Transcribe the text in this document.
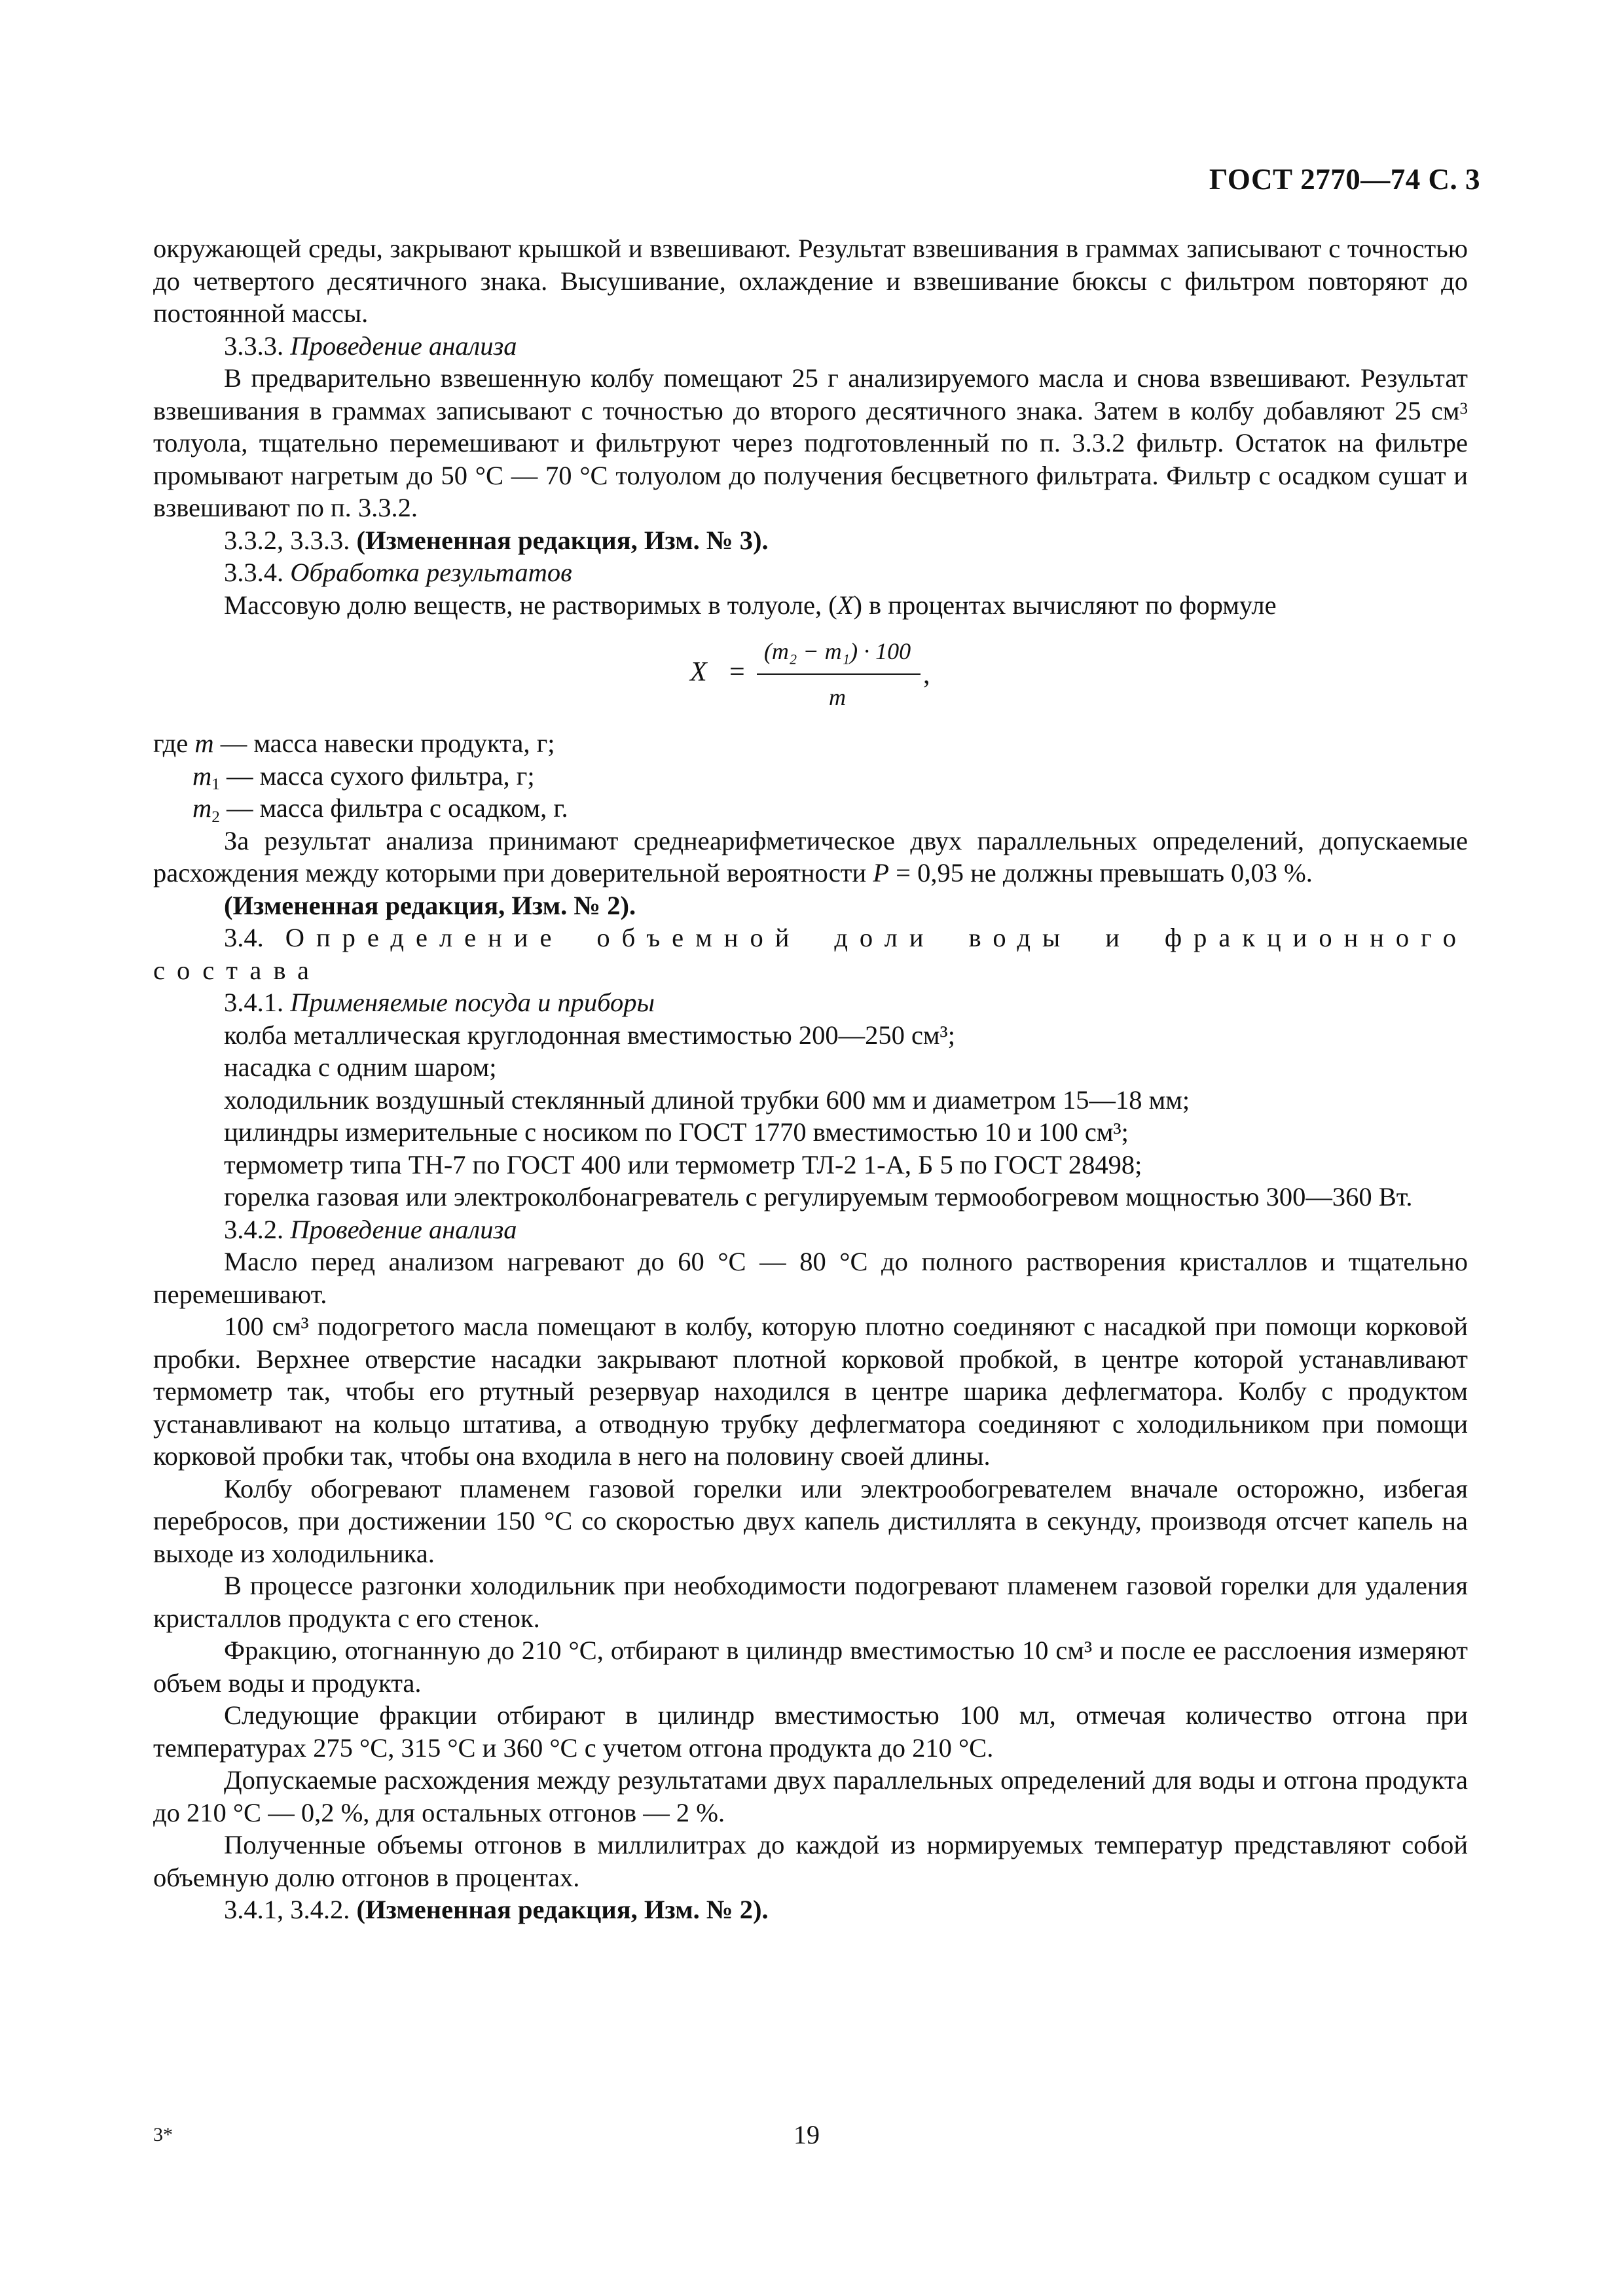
ГОСТ 2770—74 С. 3

окружающей среды, закрывают крышкой и взвешивают. Результат взвешивания в граммах записывают с точностью до четвертого десятичного знака. Высушивание, охлаждение и взвешивание бюксы с фильтром повторяют до постоянной массы.

3.3.3. Проведение анализа

В предварительно взвешенную колбу помещают 25 г анализируемого масла и снова взвешивают. Результат взвешивания в граммах записывают с точностью до второго десятичного знака. Затем в колбу добавляют 25 $см^3$ толуола, тщательно перемешивают и фильтруют через подготовленный по п. 3.3.2 фильтр. Остаток на фильтре промывают нагретым до 50 °С — 70 °С толуолом до получения бесцветного фильтрата. Фильтр с осадком сушат и взвешивают по п. 3.3.2.

3.3.2, 3.3.3. (Измененная редакция, Изм. № 3).

3.3.4. Обработка результатов

Массовую долю веществ, не растворимых в толуоле, (X) в процентах вычисляют по формуле

X =
(m₂ − m₁) · 100
m
,
где m — масса навески продукта, г;
$m_1$ — масса сухого фильтра, г;
$m_2$ — масса фильтра с осадком, г.

За результат анализа принимают среднеарифметическое двух параллельных определений, допускаемые расхождения между которыми при доверительной вероятности P = 0,95 не должны превышать 0,03 %.

(Измененная редакция, Изм. № 2).

3.4. Определение объемной доли воды и фракционного состава

3.4.1. Применяемые посуда и приборы

колба металлическая круглодонная вместимостью 200—250 см³;

насадка с одним шаром;

холодильник воздушный стеклянный длиной трубки 600 мм и диаметром 15—18 мм;

цилиндры измерительные с носиком по ГОСТ 1770 вместимостью 10 и 100 см³;

термометр типа ТН-7 по ГОСТ 400 или термометр ТЛ-2 1-А, Б 5 по ГОСТ 28498;

горелка газовая или электроколбонагреватель с регулируемым термообогревом мощностью 300—360 Вт.

3.4.2. Проведение анализа

Масло перед анализом нагревают до 60 °С — 80 °С до полного растворения кристаллов и тщательно перемешивают.

100 см³ подогретого масла помещают в колбу, которую плотно соединяют с насадкой при помощи корковой пробки. Верхнее отверстие насадки закрывают плотной корковой пробкой, в центре которой устанавливают термометр так, чтобы его ртутный резервуар находился в центре шарика дефлегматора. Колбу с продуктом устанавливают на кольцо штатива, а отводную трубку дефлегматора соединяют с холодильником при помощи корковой пробки так, чтобы она входила в него на половину своей длины.

Колбу обогревают пламенем газовой горелки или электрообогревателем вначале осторожно, избегая перебросов, при достижении 150 °С со скоростью двух капель дистиллята в секунду, производя отсчет капель на выходе из холодильника.

В процессе разгонки холодильник при необходимости подогревают пламенем газовой горелки для удаления кристаллов продукта с его стенок.

Фракцию, отогнанную до 210 °С, отбирают в цилиндр вместимостью 10 см³ и после ее расслоения измеряют объем воды и продукта.

Следующие фракции отбирают в цилиндр вместимостью 100 мл, отмечая количество отгона при температурах 275 °С, 315 °С и 360 °С с учетом отгона продукта до 210 °С.

Допускаемые расхождения между результатами двух параллельных определений для воды и отгона продукта до 210 °С — 0,2 %, для остальных отгонов — 2 %.

Полученные объемы отгонов в миллилитрах до каждой из нормируемых температур представляют собой объемную долю отгонов в процентах.

3.4.1, 3.4.2. (Измененная редакция, Изм. № 2).

3*	19
